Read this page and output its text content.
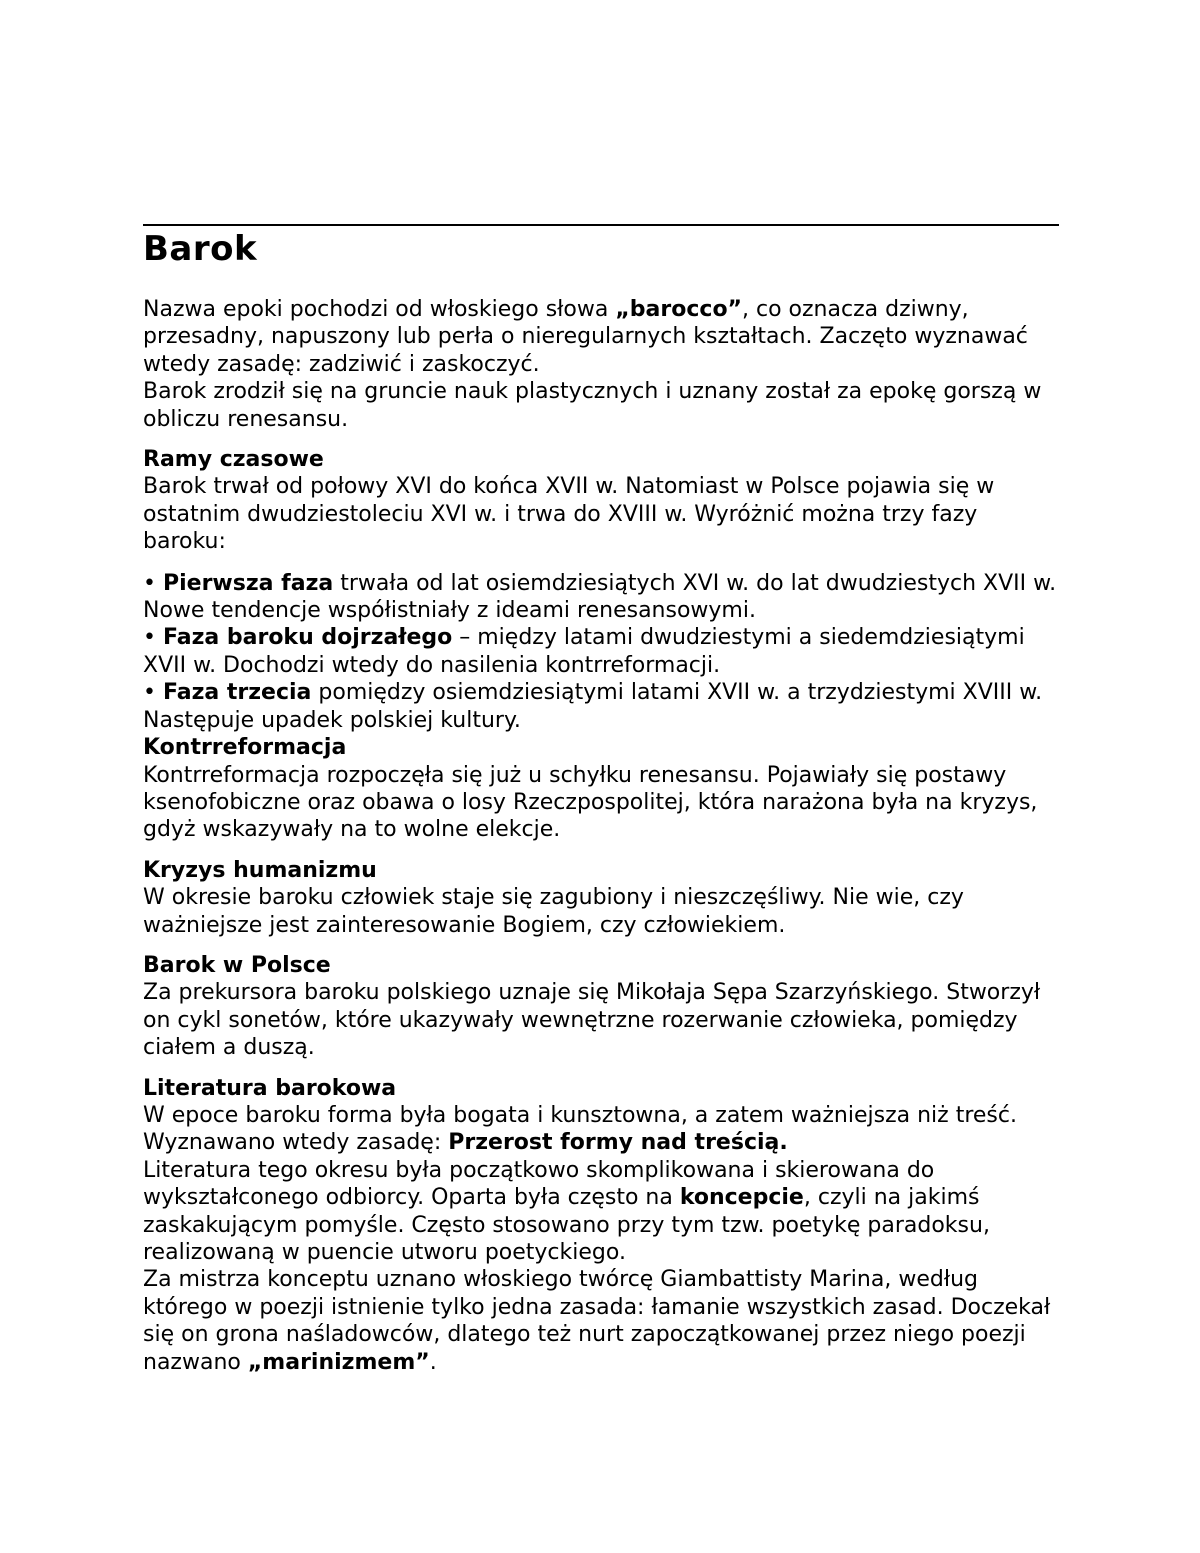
Barok

Nazwa epoki pochodzi od włoskiego słowa „barocco”, co oznacza dziwny, przesadny, napuszony lub perła o nieregularnych kształtach. Zaczęto wyznawać wtedy zasadę: zadziwić i zaskoczyć.

Barok zrodził się na gruncie nauk plastycznych i uznany został za epokę gorszą w obliczu renesansu.

Ramy czasowe

Barok trwał od połowy XVI do końca XVII w. Natomiast w Polsce pojawia się w ostatnim dwudziestoleciu XVI w. i trwa do XVIII w. Wyróżnić można trzy fazy baroku:

• Pierwsza faza trwała od lat osiemdziesiątych XVI w. do lat dwudziestych XVII w. Nowe tendencje współistniały z ideami renesansowymi.

• Faza baroku dojrzałego – między latami dwudziestymi a siedemdziesiątymi XVII w. Dochodzi wtedy do nasilenia kontrreformacji.

• Faza trzecia pomiędzy osiemdziesiątymi latami XVII w. a trzydziestymi XVIII w. Następuje upadek polskiej kultury.

Kontrreformacja

Kontrreformacja rozpoczęła się już u schyłku renesansu. Pojawiały się postawy ksenofobiczne oraz obawa o losy Rzeczpospolitej, która narażona była na kryzys, gdyż wskazywały na to wolne elekcje.

Kryzys humanizmu

W okresie baroku człowiek staje się zagubiony i nieszczęśliwy. Nie wie, czy ważniejsze jest zainteresowanie Bogiem, czy człowiekiem.

Barok w Polsce

Za prekursora baroku polskiego uznaje się Mikołaja Sępa Szarzyńskiego. Stworzył on cykl sonetów, które ukazywały wewnętrzne rozerwanie człowieka, pomiędzy ciałem a duszą.

Literatura barokowa

W epoce baroku forma była bogata i kunsztowna, a zatem ważniejsza niż treść. Wyznawano wtedy zasadę: Przerost formy nad treścią.

Literatura tego okresu była początkowo skomplikowana i skierowana do wykształconego odbiorcy. Oparta była często na koncepcie, czyli na jakimś zaskakującym pomyśle. Często stosowano przy tym tzw. poetykę paradoksu, realizowaną w puencie utworu poetyckiego.

Za mistrza konceptu uznano włoskiego twórcę Giambattisty Marina, według którego w poezji istnienie tylko jedna zasada: łamanie wszystkich zasad. Doczekał się on grona naśladowców, dlatego też nurt zapoczątkowanej przez niego poezji nazwano „marinizmem”.
